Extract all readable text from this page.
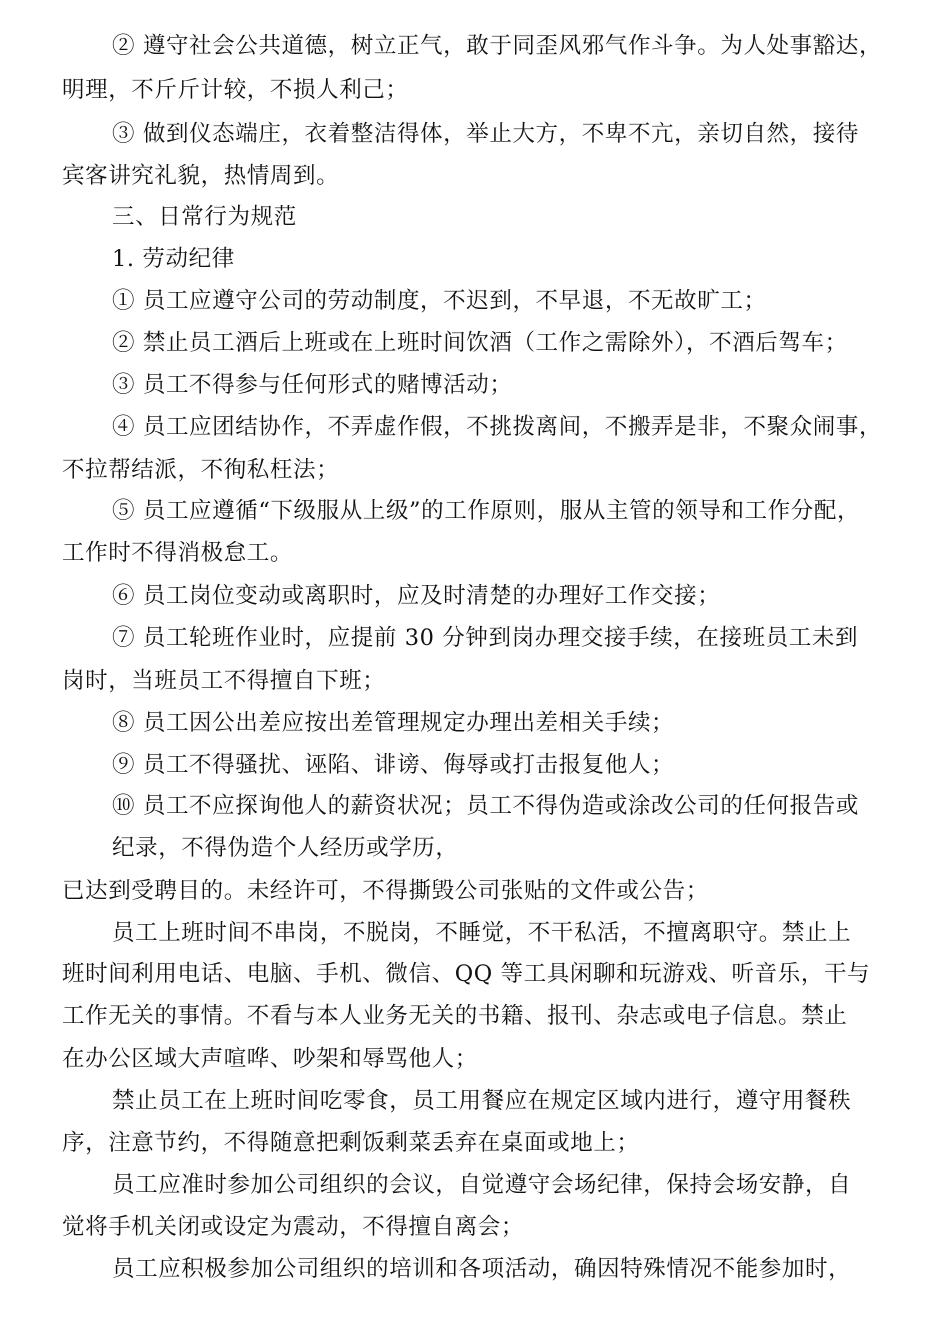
② 遵守社会公共道德，树立正气，敢于同歪风邪气作斗争。为人处事豁达，
明理，不斤斤计较，不损人利己；
③ 做到仪态端庄，衣着整洁得体，举止大方，不卑不亢，亲切自然，接待
宾客讲究礼貌，热情周到。
三、日常行为规范
1. 劳动纪律
① 员工应遵守公司的劳动制度，不迟到，不早退，不无故旷工；
② 禁止员工酒后上班或在上班时间饮酒（工作之需除外），不酒后驾车；
③ 员工不得参与任何形式的赌博活动；
④ 员工应团结协作，不弄虚作假，不挑拨离间，不搬弄是非，不聚众闹事，
不拉帮结派，不徇私枉法；
⑤ 员工应遵循“下级服从上级”的工作原则，服从主管的领导和工作分配，
工作时不得消极怠工。
⑥ 员工岗位变动或离职时，应及时清楚的办理好工作交接；
⑦ 员工轮班作业时，应提前 30 分钟到岗办理交接手续，在接班员工未到
岗时，当班员工不得擅自下班；
⑧ 员工因公出差应按出差管理规定办理出差相关手续；
⑨ 员工不得骚扰、诬陷、诽谤、侮辱或打击报复他人；
⑩ 员工不应探询他人的薪资状况；员工不得伪造或涂改公司的任何报告或
纪录，不得伪造个人经历或学历，
已达到受聘目的。未经许可，不得撕毁公司张贴的文件或公告；
员工上班时间不串岗，不脱岗，不睡觉，不干私活，不擅离职守。禁止上
班时间利用电话、电脑、手机、微信、QQ 等工具闲聊和玩游戏、听音乐，干与
工作无关的事情。不看与本人业务无关的书籍、报刊、杂志或电子信息。禁止
在办公区域大声喧哗、吵架和辱骂他人；
禁止员工在上班时间吃零食，员工用餐应在规定区域内进行，遵守用餐秩
序，注意节约，不得随意把剩饭剩菜丢弃在桌面或地上；
员工应准时参加公司组织的会议，自觉遵守会场纪律，保持会场安静，自
觉将手机关闭或设定为震动，不得擅自离会；
员工应积极参加公司组织的培训和各项活动，确因特殊情况不能参加时，
